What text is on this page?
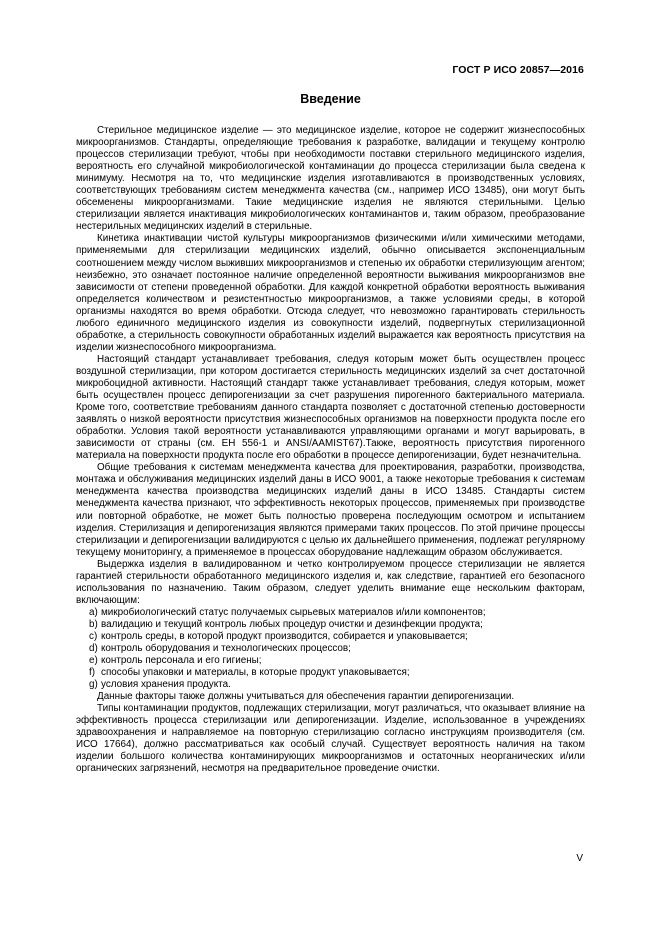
ГОСТ Р ИСО 20857—2016
Введение

Стерильное медицинское изделие — это медицинское изделие, которое не содержит жизнеспособных микроорганизмов. Стандарты, определяющие требования к разработке, валидации и текущему контролю процессов стерилизации требуют, чтобы при необходимости поставки стерильного медицинского изделия, вероятность его случайной микробиологической контаминации до процесса стерилизации была сведена к минимуму. Несмотря на то, что медицинские изделия изготавливаются в производственных условиях, соответствующих требованиям систем менеджмента качества (см., например ИСО 13485), они могут быть обсеменены микроорганизмами. Такие медицинские изделия не являются стерильными. Целью стерилизации является инактивация микробиологических контаминантов и, таким образом, преобразование нестерильных медицинских изделий в стерильные.

Кинетика инактивации чистой культуры микроорганизмов физическими и/или химическими методами, применяемыми для стерилизации медицинских изделий, обычно описывается экспоненциальным соотношением между числом выживших микроорганизмов и степенью их обработки стерилизующим агентом; неизбежно, это означает постоянное наличие определенной вероятности выживания микроорганизмов вне зависимости от степени проведенной обработки. Для каждой конкретной обработки вероятность выживания определяется количеством и резистентностью микроорганизмов, а также условиями среды, в которой организмы находятся во время обработки. Отсюда следует, что невозможно гарантировать стерильность любого единичного медицинского изделия из совокупности изделий, подвергнутых стерилизационной обработке, а стерильность совокупности обработанных изделий выражается как вероятность присутствия на изделии жизнеспособного микроорганизма.

Настоящий стандарт устанавливает требования, следуя которым может быть осуществлен процесс воздушной стерилизации, при котором достигается стерильность медицинских изделий за счет достаточной микробоцидной активности. Настоящий стандарт также устанавливает требования, следуя которым, может быть осуществлен процесс депирогенизации за счет разрушения пирогенного бактериального материала. Кроме того, соответствие требованиям данного стандарта позволяет с достаточной степенью достоверности заявлять о низкой вероятности присутствия жизнеспособных организмов на поверхности продукта после его обработки. Условия такой вероятности устанавливаются управляющими органами и могут варьировать, в зависимости от страны (см. ЕН 556-1 и ANSI/AAMIST67).Также, вероятность присутствия пирогенного материала на поверхности продукта после его обработки в процессе депирогенизации, будет незначительна.

Общие требования к системам менеджмента качества для проектирования, разработки, производства, монтажа и обслуживания медицинских изделий даны в ИСО 9001, а также некоторые требования к системам менеджмента качества производства медицинских изделий даны в ИСО 13485. Стандарты систем менеджмента качества признают, что эффективность некоторых процессов, применяемых при производстве или повторной обработке, не может быть полностью проверена последующим осмотром и испытанием изделия. Стерилизация и депирогенизация являются примерами таких процессов. По этой причине процессы стерилизации и депирогенизации валидируются с целью их дальнейшего применения, подлежат регулярному текущему мониторингу, а применяемое в процессах оборудование надлежащим образом обслуживается.

Выдержка изделия в валидированном и четко контролируемом процессе стерилизации не является гарантией стерильности обработанного медицинского изделия и, как следствие, гарантией его безопасного использования по назначению. Таким образом, следует уделить внимание еще нескольким факторам, включающим:

a) микробиологический статус получаемых сырьевых материалов и/или компонентов;
b) валидацию и текущий контроль любых процедур очистки и дезинфекции продукта;
c) контроль среды, в которой продукт производится, собирается и упаковывается;
d) контроль оборудования и технологических процессов;
e) контроль персонала и его гигиены;
f) способы упаковки и материалы, в которые продукт упаковывается;
g) условия хранения продукта.

Данные факторы также должны учитываться для обеспечения гарантии депирогенизации.

Типы контаминации продуктов, подлежащих стерилизации, могут различаться, что оказывает влияние на эффективность процесса стерилизации или депирогенизации. Изделие, использованное в учреждениях здравоохранения и направляемое на повторную стерилизацию согласно инструкциям производителя (см. ИСО 17664), должно рассматриваться как особый случай. Существует вероятность наличия на таком изделии большого количества контаминирующих микроорганизмов и остаточных неорганических и/или органических загрязнений, несмотря на предварительное проведение очистки.

V
